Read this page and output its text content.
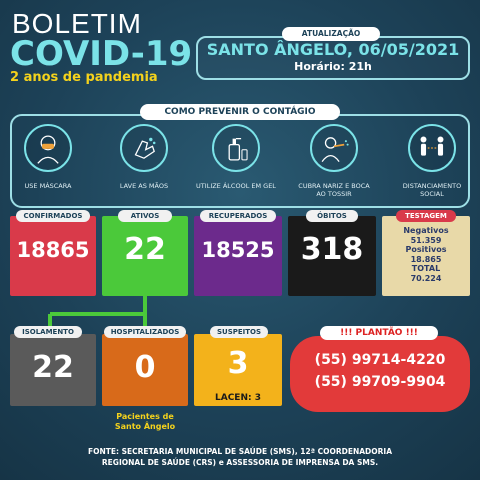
BOLETIM
COVID-19
2 anos de pandemia
ATUALIZAÇÃO
SANTO ÂNGELO, 06/05/2021
Horário: 21h
COMO PREVENIR O CONTÁGIO
USE MÁSCARA	LAVE AS MÃOS	UTILIZE ÁLCOOL EM GEL	CUBRA NARIZ E BOCA AO TOSSIR
DISTANCIAMENTO SOCIAL
CONFIRMADOS
18865
ATIVOS
22
RECUPERADOS
18525
ÓBITOS
318
TESTAGEM
Negativos
51.359
Positivos
18.865
TOTAL
70.224
ISOLAMENTO
22
HOSPITALIZADOS
0
Pacientes de Santo Ângelo
SUSPEITOS
3
LACEN: 3
!!! PLANTÃO !!!
(55) 99714-4220
(55) 99709-9904
FONTE: SECRETARIA MUNICIPAL DE SAÚDE (SMS), 12ª COORDENADORIA
REGIONAL DE SAÚDE (CRS) e ASSESSORIA DE IMPRENSA DA SMS.
